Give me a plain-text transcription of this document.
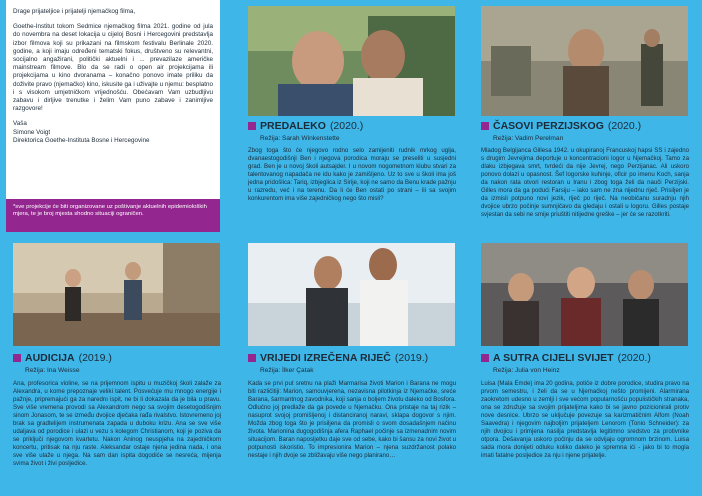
Drage prijateljice i prijatelji njemačkog filma,

Goethe-Institut tokom Sedmice njemačkog filma 2021. godine od jula do novembra na deset lokacija u cijeloj Bosni i Hercegovini predstavlja izbor filmova koji su prikazani na filmskom festivalu Berlinale 2020. godine, a koji imaju određeni tematski fokus, društveno su relevantni, socijalno angažirani, politički aktuelni i ... prevazilaze američke mainstream filmove. Blo da se radi o open air projekcijama ili projekcijama u kino dvoranama – konačno ponovo imate priliku da doživite pravo (njemačko) kino, iskusite ga i uživajte u njemu: besplatno i s visokom umjetničkom vrijednošću. Obećavam Vam uzbudljivu zabavu i dirljive trenutke i želim Vam puno zabave i zanimljive razgovore!

Vaša
Simone Voigt
Direktorica Goethe-Instituta Bosne i Hercegovine

*sve projekcije će biti organizovane uz poštivanje aktuelnih epidemioloških mjera, te je broj mjesta shodno situaciji ograničen.
PREDALEKO (2020.)
Režija: Sarah Winkenstette
Zbog toga što će njegovo rodno selo zamijeniti rudnik mrkog uglja, dvanaestogodišnji Ben i njegova porodica moraju se preseliti u susjedni grad. Ben je u novoj školi autsajder. I u novom nogometnom klubu stvari za talentovanog napadača ne idu kako je zamišljeno. Uz to sve u školi ima još jedna pridošlica: Tariq, izbjeglica iz Sirije, koji ne samo da Benu krade pažnju u razredu, već i na terenu. Da li će Ben ostati po strani – ili sa svojim konkurentom ima više zajedničkog nego što misli?
ČASOVI PERZIJSKOG (2020.)
Režija: Vadim Perelman
Mladog Belgijanca Gillesa 1942. u okupiranoj Francuskoj hapsi SS i zajedno s drugim Jevrejima deportuje u koncentracioni logor u Njemačkoj. Tamo za dlaku izbjegava smrt, tvrdeći da nije Jevrej, nego Perzijanac. Ali uskoro ponovo dolazi u opasnost. Šef logorske kuhinje, oficir po imenu Koch, sanja da nakon rata otvori restoran u Iranu i zbog toga želi da nauči Perzijski. Gilles mora da ga podući Farsiju – iako sam ne zna nijednu riječ. Prisiljen je da izmisli potpuno novi jezik, riječ po riječ. Na neobičanu suradnju njih dvojice ubrzo počinje sumnjičavo da gledaju i ostali u logoru. Gilles postaje svjestan da sebi ne smije priuštiti nitijedne greške – jer će se razotkriti.
AUDICIJA (2019.)
Režija: Ina Weisse
Ana, profesorica violine, se na prijemnom ispitu u muzičkoj školi zalaže za Alexandra, u kome prepoznaje veliki talent. Posvećuje mu mnogo energije i pažnje, pripremajući ga za narednı ispit, ne bi li dokazala da je bila u pravu. Sve više vremena provodi sa Alexandrom nego sa svojim desetogodišnjim sinom Jonasom, te se između dvojice dječaka rađa rivalstvo. Istovremeno joj brak sa gradtelijem instrumenata zapada u duboku krizu. Ana se sve više udaljava od porodice i ulazi u vezu s kolegom Christianom, koji je poziva da se priključi njegovom kvartetu. Nakon Aninog neuspjeha na zajedničkom koncertu, pritisak na nju raste. Aleksandar ostaje njena jedina nada, i ona sve više ulaže u njega. Na sam dan ispita dogodiće se nesreća, mijenja svima život i živi posljedice.
VRIJEDI IZREČENA RIJEČ (2019.)
Režija: İlker Çatak
Kada se prvi put sretnu na plaži Marmarisa životi Marion i Barana ne mogu biti različitiji: Marion, samouvjerena, nezavisna pilotkinja iz Njemačke, sreće Barana, šarmantnog zavodnika, koji sanja o boljem životu daleko od Bosfora. Odlučno joj predlaže da ga povede u Njemačku. Ona pristaje na taj rizik – nasuprot svojoj promišljenoj i distanciranoj naravi, sklapa dogovor s njim. Možda zbog toga što je prisiljena da promisli o svom dosadašnjem načinu života. Marionina dugogodišnja afera Raphael počinje sa izmenadnim novim situacijom. Baran naposljetku daje sve od sebe, kako bi šansu za novi život u potpunosti iskoristio. To impresionira Marion – njena suzdržanost polako nestaje i njih dvoje se zbližavaju više nego planirano…
A SUTRA CIJELI SVIJET (2020.)
Režija: Julia von Heinz
Luisa (Mala Emde) ima 20 godina, potiče iz dobre porodice, studira pravo na prvom semestru, i želi da se u Njemačkoj nešto promijeni. Alarmirana zaokretom udesno u zemlji i sve većom popularnošću populističkih stranaka, ona se združuje sa svojim prijateljima kako bi se javno pozicionirali protiv nove desnice. Ubrzo se uključuje povezuje sa karizmatičnim Alfom (Noah Saavedra) i njegovim najboljim prijateljem Lenorom (Tonio Schneider): za njih dvojicu i primjena nasilja predstavlja legitimno sredstvo za protivnike otpora. Dešavanja uskoro počinju da se odvijaju ogromnom brzinom. Luisa sada mora donijeti odluku koliko daleko je spremna ići - jako bi to mogla imati fatalne posljedice za nju i njene prijatelje.
